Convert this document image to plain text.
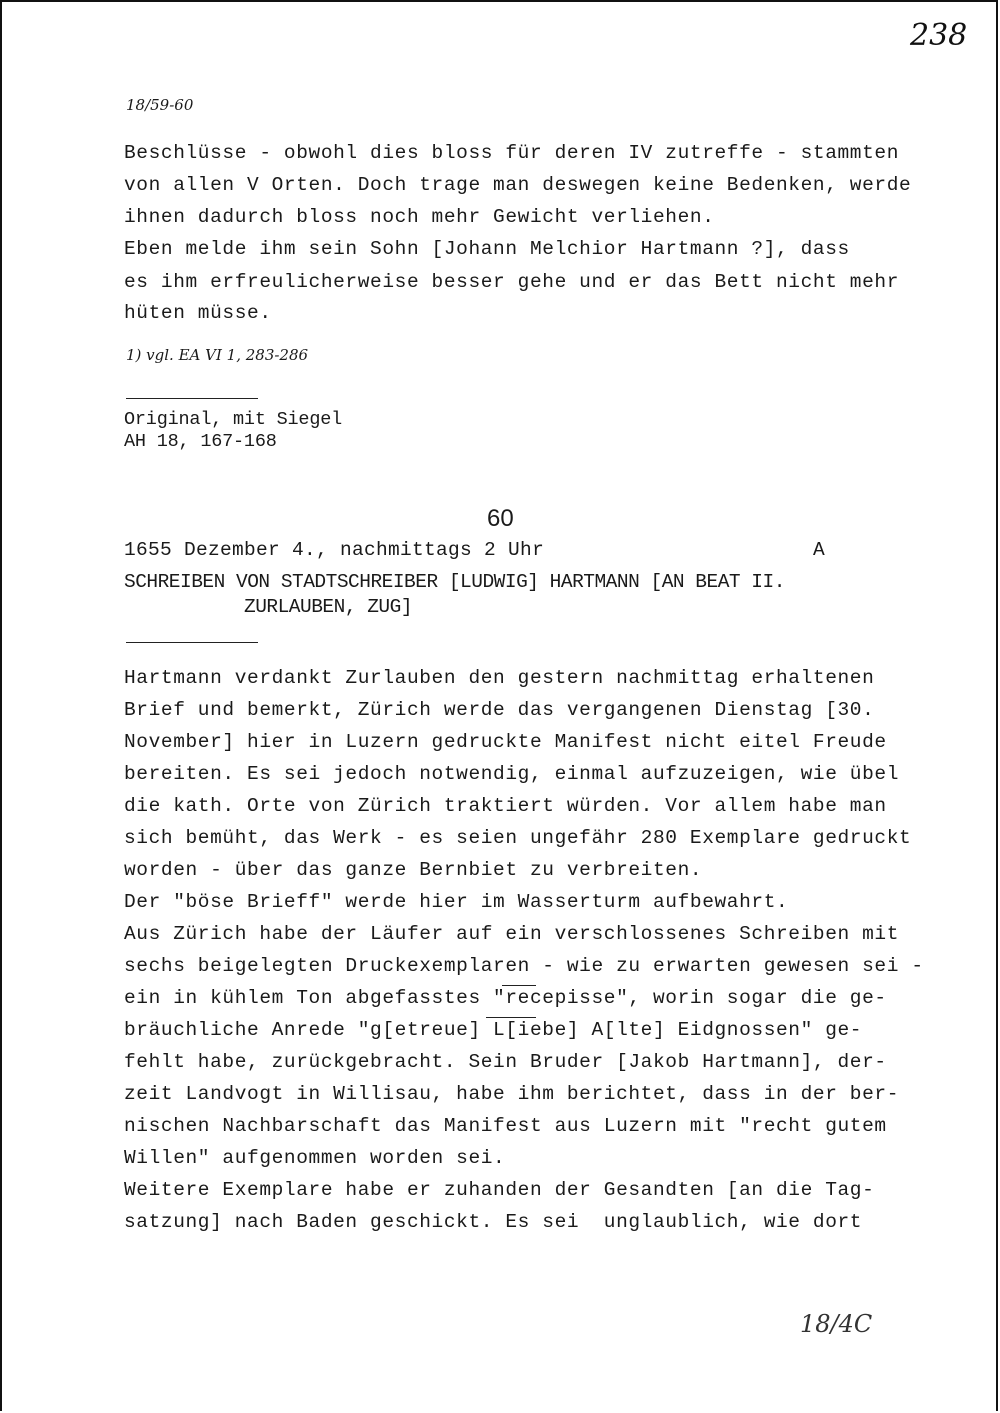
238
18/59-60
Beschlüsse - obwohl dies bloss für deren IV zutreffe - stammten
von allen V Orten. Doch trage man deswegen keine Bedenken, werde
ihnen dadurch bloss noch mehr Gewicht verliehen.
Eben melde ihm sein Sohn [Johann Melchior Hartmann ?], dass
es ihm erfreulicherweise besser gehe und er das Bett nicht mehr
hüten müsse.
1) vgl. EA VI 1, 283-286
Original, mit Siegel
AH 18, 167-168
60
1655 Dezember 4., nachmittags 2 Uhr	A
SCHREIBEN VON STADTSCHREIBER [LUDWIG] HARTMANN [AN BEAT II.
ZURLAUBEN, ZUG]
Hartmann verdankt Zurlauben den gestern nachmittag erhaltenen
Brief und bemerkt, Zürich werde das vergangenen Dienstag [30.
November] hier in Luzern gedruckte Manifest nicht eitel Freude
bereiten. Es sei jedoch notwendig, einmal aufzuzeigen, wie übel
die kath. Orte von Zürich traktiert würden. Vor allem habe man
sich bemüht, das Werk - es seien ungefähr 280 Exemplare gedruckt
worden - über das ganze Bernbiet zu verbreiten.
Der "böse Brieff" werde hier im Wasserturm aufbewahrt.
Aus Zürich habe der Läufer auf ein verschlossenes Schreiben mit
sechs beigelegten Druckexemplaren - wie zu erwarten gewesen sei -
ein in kühlem Ton abgefasstes "recepisse", worin sogar die ge-
bräuchliche Anrede "g[etreue] L[iebe] A[lte] Eidgnossen" ge-
fehlt habe, zurückgebracht. Sein Bruder [Jakob Hartmann], der-
zeit Landvogt in Willisau, habe ihm berichtet, dass in der ber-
nischen Nachbarschaft das Manifest aus Luzern mit "recht gutem
Willen" aufgenommen worden sei.
Weitere Exemplare habe er zuhanden der Gesandten [an die Tag-
satzung] nach Baden geschickt. Es sei  unglaublich, wie dort
18/4C
